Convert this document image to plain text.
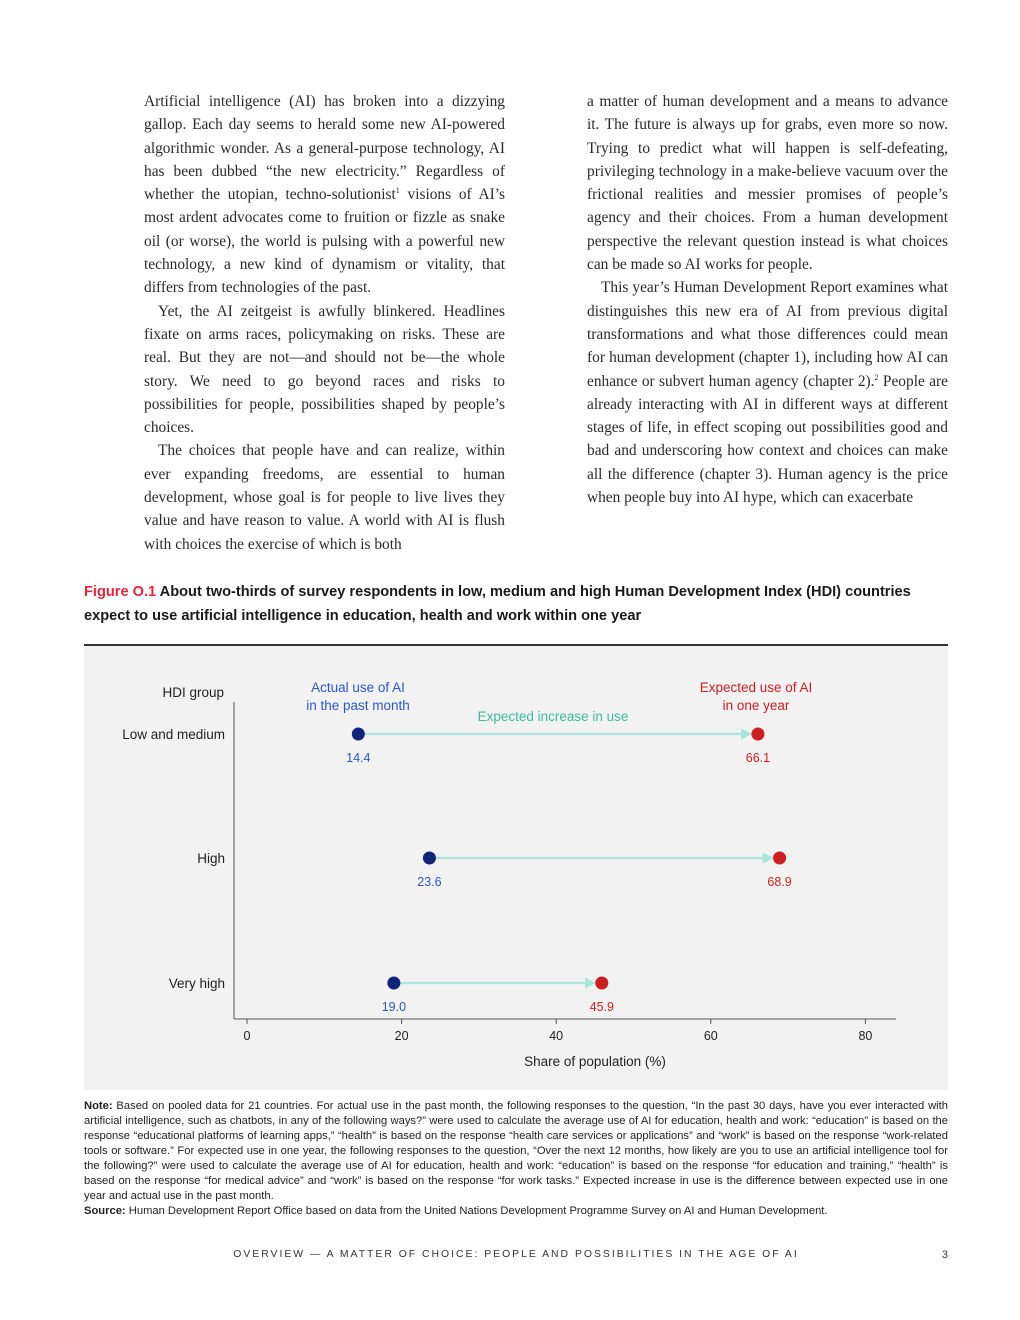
Artificial intelligence (AI) has broken into a dizzying gallop. Each day seems to herald some new AI-powered algorithmic wonder. As a general-purpose technology, AI has been dubbed “the new electricity.” Regardless of whether the utopian, techno-solutionist$^1$ visions of AI’s most ardent advocates come to fruition or fizzle as snake oil (or worse), the world is pulsing with a powerful new technology, a new kind of dynamism or vitality, that differs from technologies of the past.

Yet, the AI zeitgeist is awfully blinkered. Headlines fixate on arms races, policymaking on risks. These are real. But they are not—and should not be—the whole story. We need to go beyond races and risks to possibilities for people, possibilities shaped by people’s choices.

The choices that people have and can realize, within ever expanding freedoms, are essential to human development, whose goal is for people to live lives they value and have reason to value. A world with AI is flush with choices the exercise of which is both

a matter of human development and a means to advance it. The future is always up for grabs, even more so now. Trying to predict what will happen is self-defeating, privileging technology in a make-believe vacuum over the frictional realities and messier promises of people’s agency and their choices. From a human development perspective the relevant question instead is what choices can be made so AI works for people.

This year’s Human Development Report examines what distinguishes this new era of AI from previous digital transformations and what those differences could mean for human development (chapter 1), including how AI can enhance or subvert human agency (chapter 2).$^2$ People are already interacting with AI in different ways at different stages of life, in effect scoping out possibilities good and bad and underscoring how context and choices can make all the difference (chapter 3). Human agency is the price when people buy into AI hype, which can exacerbate

Figure O.1 About two-thirds of survey respondents in low, medium and high Human Development Index (HDI) countries expect to use artificial intelligence in education, health and work within one year
0	20	40	60	80
Share of population (%)
HDI group	Actual use of AI
in the past month
Expected use of AI
in one year
Expected increase in use
Low and medium
14.4	66.1
High
23.6	68.9
Very high
19.0	45.9

Note: Based on pooled data for 21 countries. For actual use in the past month, the following responses to the question, “In the past 30 days, have you ever interacted with artificial intelligence, such as chatbots, in any of the following ways?” were used to calculate the average use of AI for education, health and work: “education” is based on the response “educational platforms of learning apps,” “health” is based on the response “health care services or applications” and “work” is based on the response “work-related tools or software.” For expected use in one year, the following responses to the question, “Over the next 12 months, how likely are you to use an artificial intelligence tool for the following?” were used to calculate the average use of AI for education, health and work: “education” is based on the response “for education and training,” “health” is based on the response “for medical advice” and “work” is based on the response “for work tasks.” Expected increase in use is the difference between expected use in one year and actual use in the past month.

Source: Human Development Report Office based on data from the United Nations Development Programme Survey on AI and Human Development.

OVERVIEW — A MATTER OF CHOICE: PEOPLE AND POSSIBILITIES IN THE AGE OF AI	3
